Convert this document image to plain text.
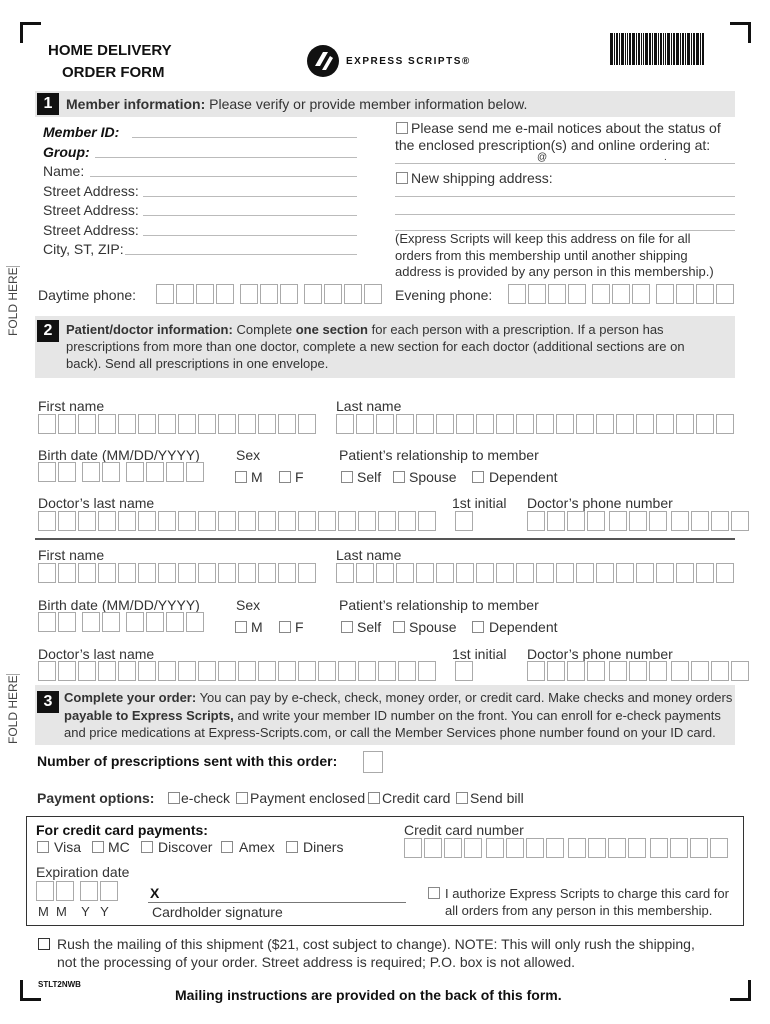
HOME DELIVERY
ORDER FORM
EXPRESS SCRIPTS®
1 Member information: Please verify or provide member information below.
Member ID:
Group:
Name:
Street Address:
Street Address:
Street Address:
City, ST, ZIP:
Please send me e-mail notices about the status of
the enclosed prescription(s) and online ordering at:
@	.
New shipping address:
(Express Scripts will keep this address on file for all
orders from this membership until another shipping
address is provided by any person in this membership.)
Daytime phone:	Evening phone:
FOLD HERE	2	Patient/doctor information: Complete one section for each person with a prescription. If a person has
prescriptions from more than one doctor, complete a new section for each doctor (additional sections are on
back). Send all prescriptions in one envelope.
First name	Last name
Birth date (MM/DD/YYYY)	Sex
M F
Patient’s relationship to member
Self Spouse Dependent
Doctor’s last name	1st initial Doctor’s phone number
First name	Last name
Birth date (MM/DD/YYYY)	Sex
M F
Patient’s relationship to member
Self Spouse Dependent
Doctor’s last name	1st initial Doctor’s phone number
FOLD HERE	3 Complete your order: You can pay by e-check, check, money order, or credit card. Make checks and money orders
payable to Express Scripts, and write your member ID number on the front. You can enroll for e-check payments
and price medications at Express-Scripts.com, or call the Member Services phone number found on your ID card.
Number of prescriptions sent with this order:
Payment options: e-check Payment enclosed Credit card Send bill
For credit card payments:
Visa MC Discover Amex Diners
Credit card number
Expiration date
M  M    Y   Y
X
Cardholder signature
I authorize Express Scripts to charge this card for
all orders from any person in this membership.
Rush the mailing of this shipment ($21, cost subject to change). NOTE: This will only rush the shipping,
not the processing of your order. Street address is required; P.O. box is not allowed.
STLT2NWB
Mailing instructions are provided on the back of this form.
